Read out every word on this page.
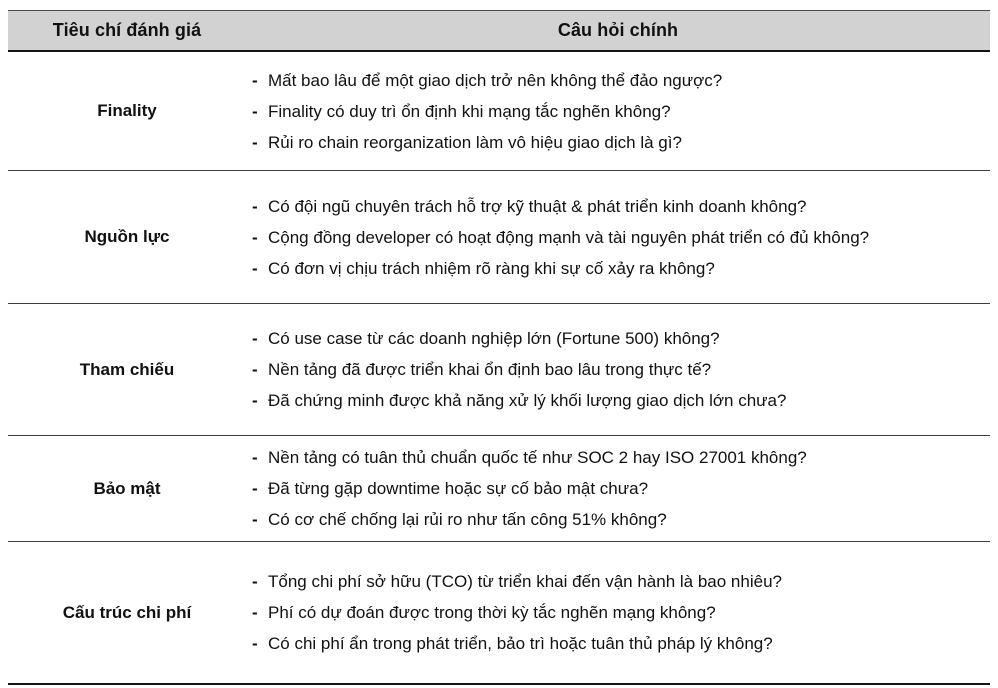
Tiêu chí đánh giá	Câu hỏi chính
Finality
- Mất bao lâu để một giao dịch trở nên không thể đảo ngược?
- Finality có duy trì ổn định khi mạng tắc nghẽn không?
- Rủi ro chain reorganization làm vô hiệu giao dịch là gì?
Nguồn lực
- Có đội ngũ chuyên trách hỗ trợ kỹ thuật & phát triển kinh doanh không?
- Cộng đồng developer có hoạt động mạnh và tài nguyên phát triển có đủ không?
- Có đơn vị chịu trách nhiệm rõ ràng khi sự cố xảy ra không?
Tham chiếu
- Có use case từ các doanh nghiệp lớn (Fortune 500) không?
- Nền tảng đã được triển khai ổn định bao lâu trong thực tế?
- Đã chứng minh được khả năng xử lý khối lượng giao dịch lớn chưa?
Bảo mật
- Nền tảng có tuân thủ chuẩn quốc tế như SOC 2 hay ISO 27001 không?
- Đã từng gặp downtime hoặc sự cố bảo mật chưa?
- Có cơ chế chống lại rủi ro như tấn công 51% không?
Cấu trúc chi phí
- Tổng chi phí sở hữu (TCO) từ triển khai đến vận hành là bao nhiêu?
- Phí có dự đoán được trong thời kỳ tắc nghẽn mạng không?
- Có chi phí ẩn trong phát triển, bảo trì hoặc tuân thủ pháp lý không?
